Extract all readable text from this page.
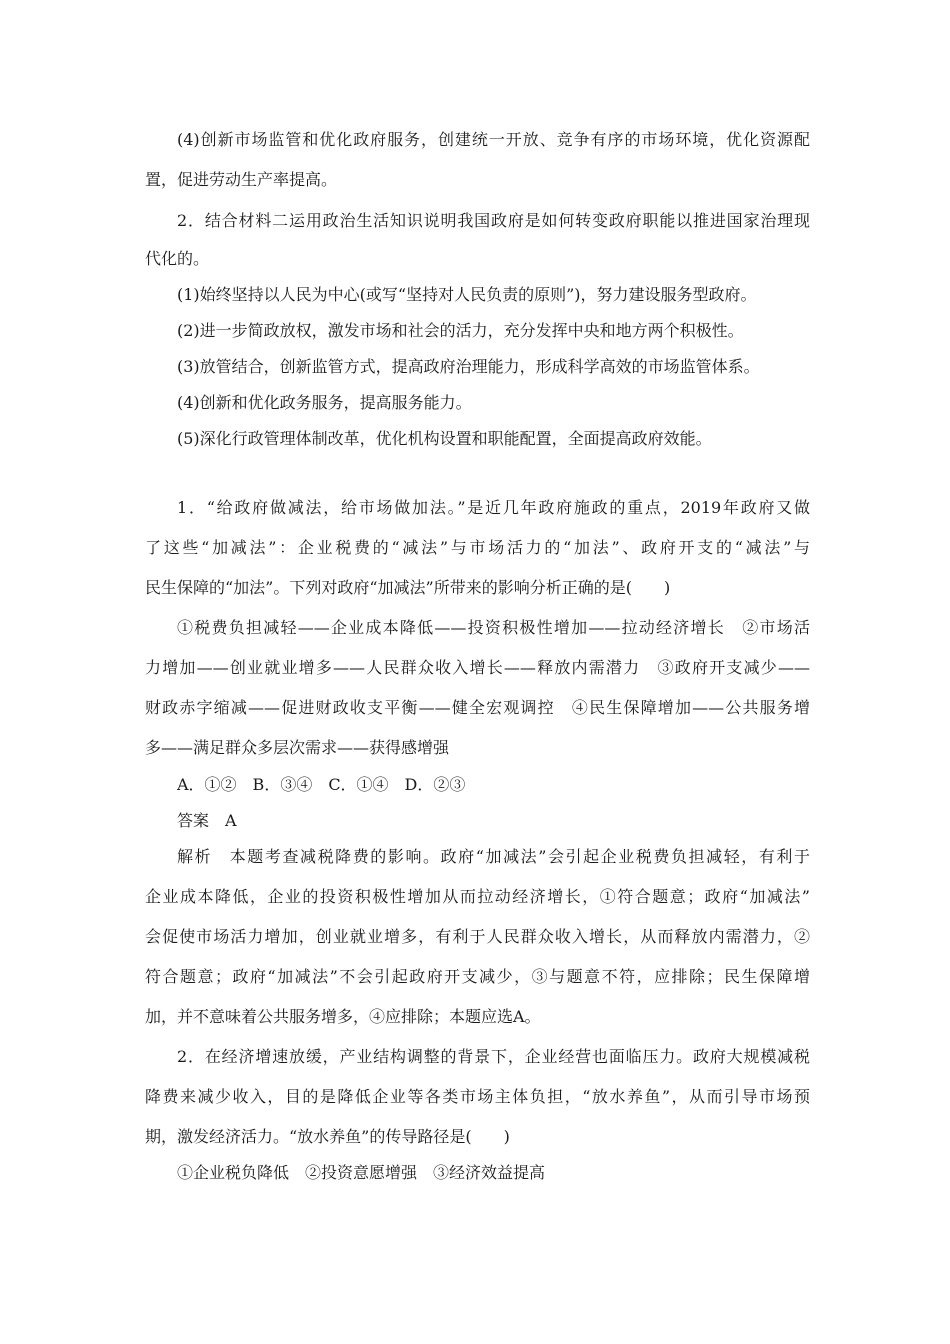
(4)创新市场监管和优化政府服务，创建统一开放、竞争有序的市场环境，优化资源配
置，促进劳动生产率提高。
2．结合材料二运用政治生活知识说明我国政府是如何转变政府职能以推进国家治理现
代化的。
(1)始终坚持以人民为中心(或写“坚持对人民负责的原则”)，努力建设服务型政府。
(2)进一步简政放权，激发市场和社会的活力，充分发挥中央和地方两个积极性。
(3)放管结合，创新监管方式，提高政府治理能力，形成科学高效的市场监管体系。
(4)创新和优化政务服务，提高服务能力。
(5)深化行政管理体制改革，优化机构设置和职能配置，全面提高政府效能。
1．“给政府做减法，给市场做加法。”是近几年政府施政的重点，2019年政府又做
了这些“加减法”：企业税费的“减法”与市场活力的“加法”、政府开支的“减法”与
民生保障的“加法”。下列对政府“加减法”所带来的影响分析正确的是(　　)
①税费负担减轻——企业成本降低——投资积极性增加——拉动经济增长　②市场活
力增加——创业就业增多——人民群众收入增长——释放内需潜力　③政府开支减少——
财政赤字缩减——促进财政收支平衡——健全宏观调控　④民生保障增加——公共服务增
多——满足群众多层次需求——获得感增强
A．①②　B．③④　C．①④　D．②③
答案　A
解析　本题考查减税降费的影响。政府“加减法”会引起企业税费负担减轻，有利于
企业成本降低，企业的投资积极性增加从而拉动经济增长，①符合题意；政府“加减法”
会促使市场活力增加，创业就业增多，有利于人民群众收入增长，从而释放内需潜力，②
符合题意；政府“加减法”不会引起政府开支减少，③与题意不符，应排除；民生保障增
加，并不意味着公共服务增多，④应排除；本题应选A。
2．在经济增速放缓，产业结构调整的背景下，企业经营也面临压力。政府大规模减税
降费来减少收入，目的是降低企业等各类市场主体负担，“放水养鱼”，从而引导市场预
期，激发经济活力。“放水养鱼”的传导路径是(　　)
①企业税负降低　②投资意愿增强　③经济效益提高
